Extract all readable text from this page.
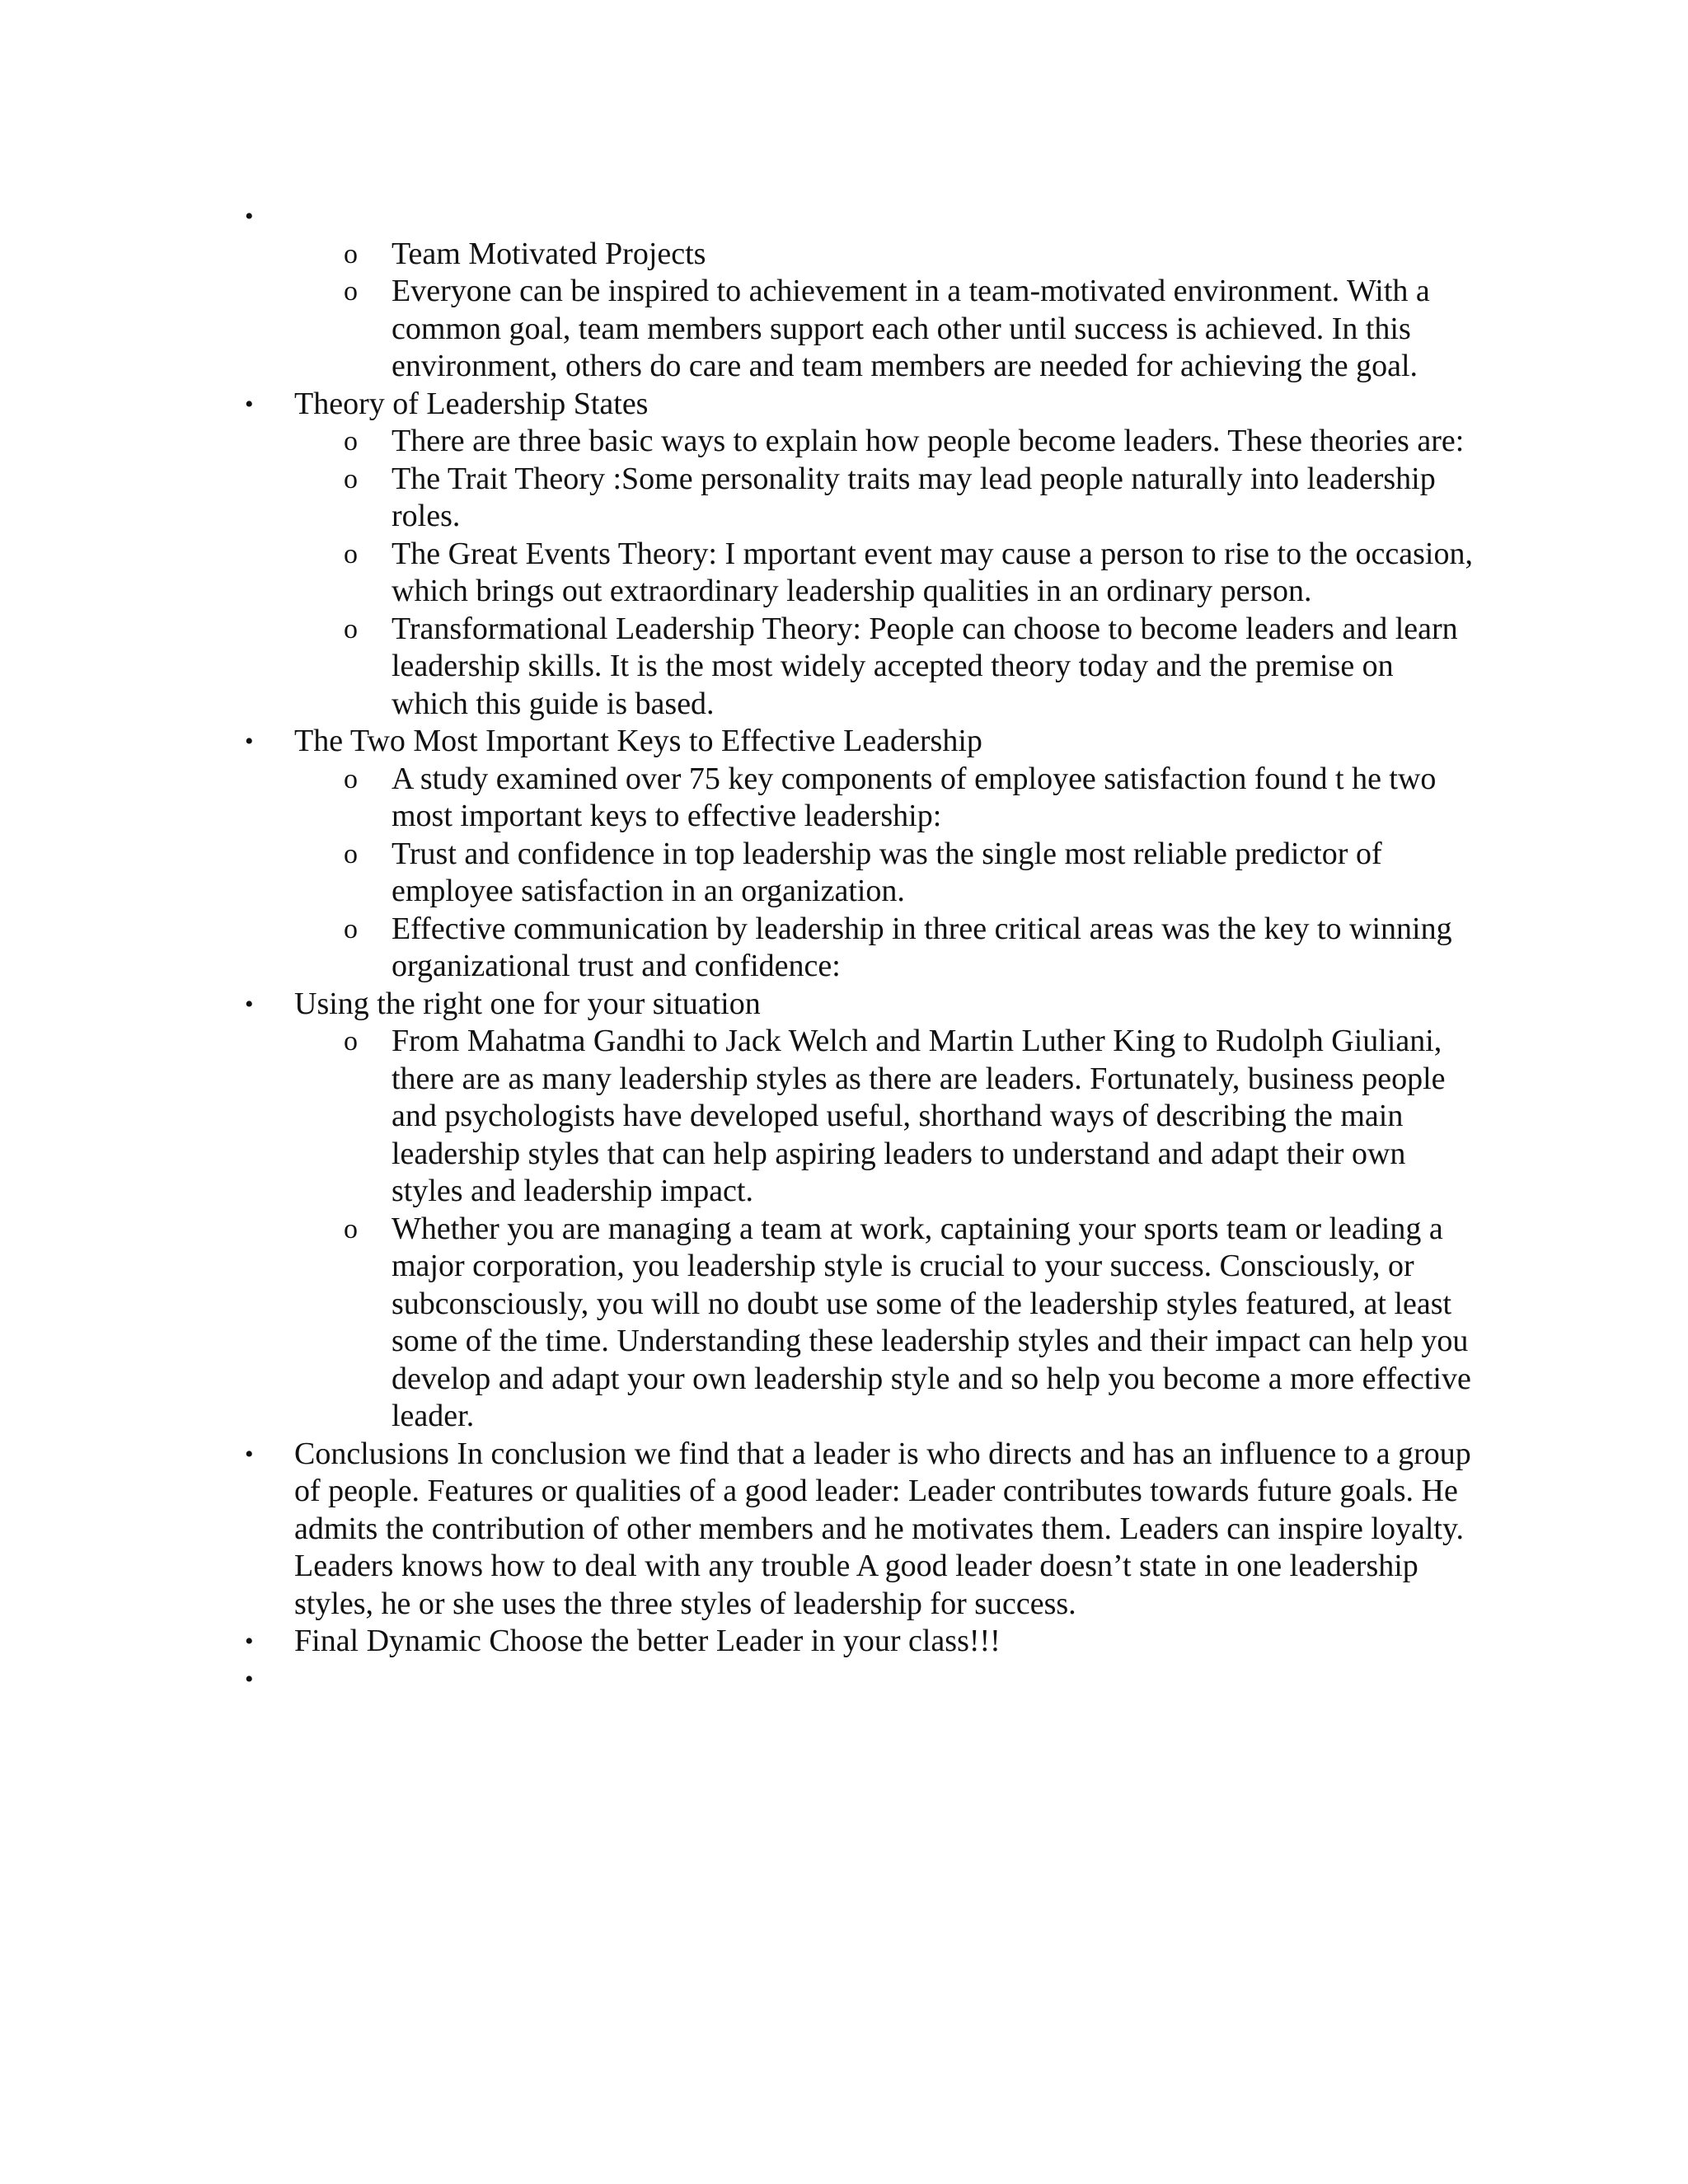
•
o Team Motivated Projects
o Everyone can be inspired to achievement in a team-motivated environment. With a common goal, team members support each other until success is achieved. In this environment, others do care and team members are needed for achieving the goal.
• Theory of Leadership States
o There are three basic ways to explain how people become leaders. These theories are:
o The Trait Theory :Some personality traits may lead people naturally into leadership roles.
o The Great Events Theory: I mportant event may cause a person to rise to the occasion, which brings out extraordinary leadership qualities in an ordinary person.
o Transformational Leadership Theory: People can choose to become leaders and learn leadership skills. It is the most widely accepted theory today and the premise on which this guide is based.
• The Two Most Important Keys to Effective Leadership
o A study examined over 75 key components of employee satisfaction found t he two most important keys to effective leadership:
o Trust and confidence in top leadership was the single most reliable predictor of employee satisfaction in an organization.
o Effective communication by leadership in three critical areas was the key to winning organizational trust and confidence:
• Using the right one for your situation
o From Mahatma Gandhi to Jack Welch and Martin Luther King to Rudolph Giuliani, there are as many leadership styles as there are leaders. Fortunately, business people and psychologists have developed useful, shorthand ways of describing the main leadership styles that can help aspiring leaders to understand and adapt their own styles and leadership impact.
o Whether you are managing a team at work, captaining your sports team or leading a major corporation, you leadership style is crucial to your success. Consciously, or subconsciously, you will no doubt use some of the leadership styles featured, at least some of the time. Understanding these leadership styles and their impact can help you develop and adapt your own leadership style and so help you become a more effective leader.
• Conclusions In conclusion we find that a leader is who directs and has an influence to a group of people. Features or qualities of a good leader: Leader contributes towards future goals. He admits the contribution of other members and he motivates them. Leaders can inspire loyalty. Leaders knows how to deal with any trouble A good leader doesn’t state in one leadership styles, he or she uses the three styles of leadership for success.
• Final Dynamic Choose the better Leader in your class!!!
•
